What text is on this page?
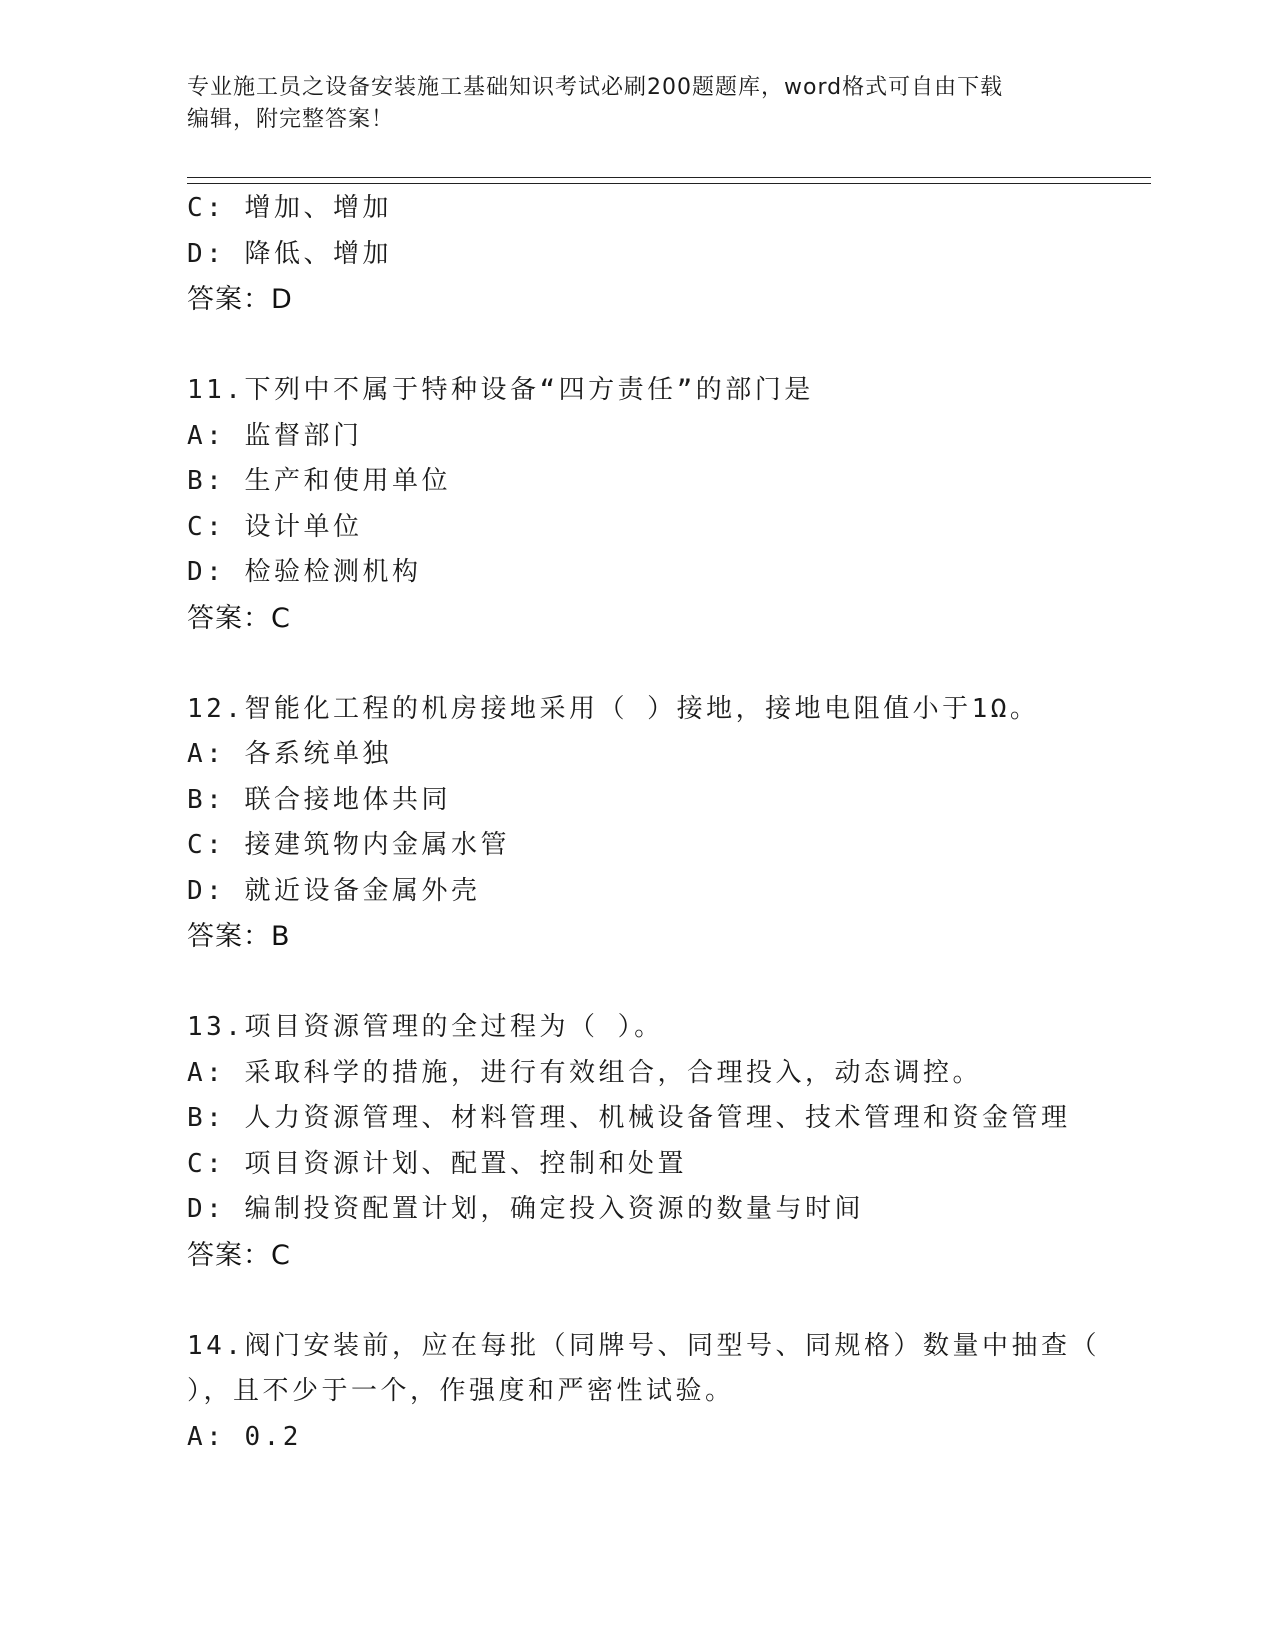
专业施工员之设备安装施工基础知识考试必刷200题题库，word格式可自由下载
编辑，附完整答案！
C: 增加、增加
D: 降低、增加
答案：D
11.下列中不属于特种设备“四方责任”的部门是
A: 监督部门
B: 生产和使用单位
C: 设计单位
D: 检验检测机构
答案：C
12.智能化工程的机房接地采用（ ）接地，接地电阻值小于1Ω。
A: 各系统单独
B: 联合接地体共同
C: 接建筑物内金属水管
D: 就近设备金属外壳
答案：B
13.项目资源管理的全过程为（ ）。
A: 采取科学的措施，进行有效组合，合理投入，动态调控。
B: 人力资源管理、材料管理、机械设备管理、技术管理和资金管理
C: 项目资源计划、配置、控制和处置
D: 编制投资配置计划，确定投入资源的数量与时间
答案：C
14.阀门安装前，应在每批（同牌号、同型号、同规格）数量中抽查（
），且不少于一个，作强度和严密性试验。
A: 0.2
